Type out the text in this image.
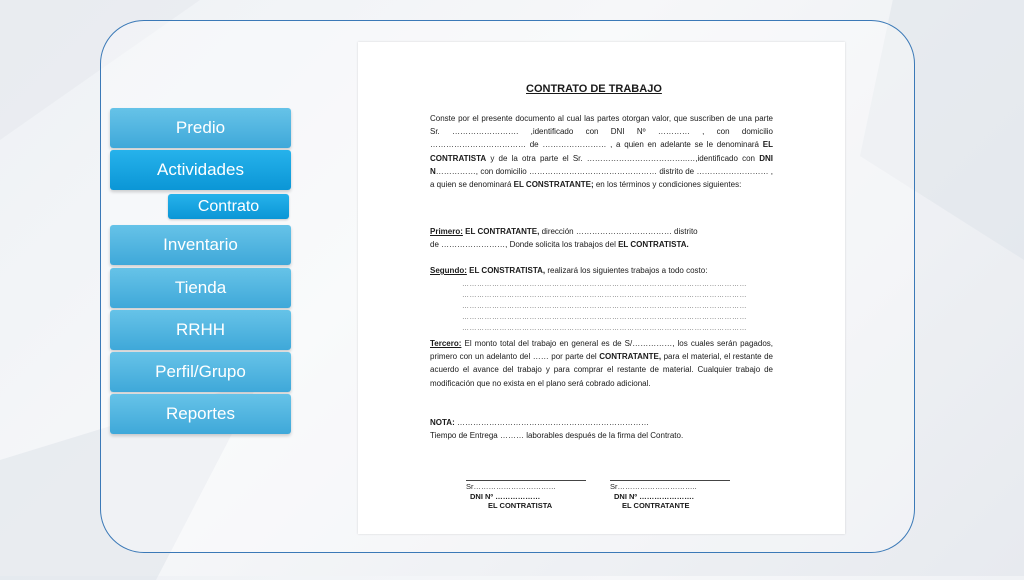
Predio
Actividades
Contrato
Inventario
Tienda
RRHH
Perfil/Grupo
Reportes
CONTRATO DE TRABAJO
Conste por el presente documento al cual las partes otorgan valor, que suscriben de una parte Sr. ……………………. ,identificado con DNI Nº ………… , con domicilio ……………………………… de …………………… , a quien en adelante se le denominará EL CONTRATISTA y de la otra parte el Sr. ………………………………..…,identificado con DNI N……………, con domicilio ………………………………………… distrito de ……………………… , a quien se denominará EL CONSTRATANTE; en los términos y condiciones siguientes:
Primero: EL CONTRATANTE, dirección ……………………………… distrito
de ……………………, Donde solicita los trabajos del EL CONTRATISTA.
Segundo: EL CONSTRATISTA, realizará los siguientes trabajos a todo costo:
……………………………………………………………………………………………………
……………………………………………………………………………………………………
……………………………………………………………………………………………………
……………………………………………………………………………………………………
……………………………………………………………………………………………………
Tercero: El monto total del trabajo en general es de S/……………, los cuales serán pagados, primero con un adelanto del …… por parte del CONTRATANTE, para el material, el restante de acuerdo el avance del trabajo y para comprar el restante de material. Cualquier trabajo de modificación que no exista en el plano será cobrado adicional.
NOTA: ………………………………………………………………
Tiempo de Entrega ……… laborables después de la firma del Contrato.
Sr……………………………
DNI Nº ………………
EL CONTRATISTA
Sr…………………………..
DNI Nº ………………….
EL CONTRATANTE
